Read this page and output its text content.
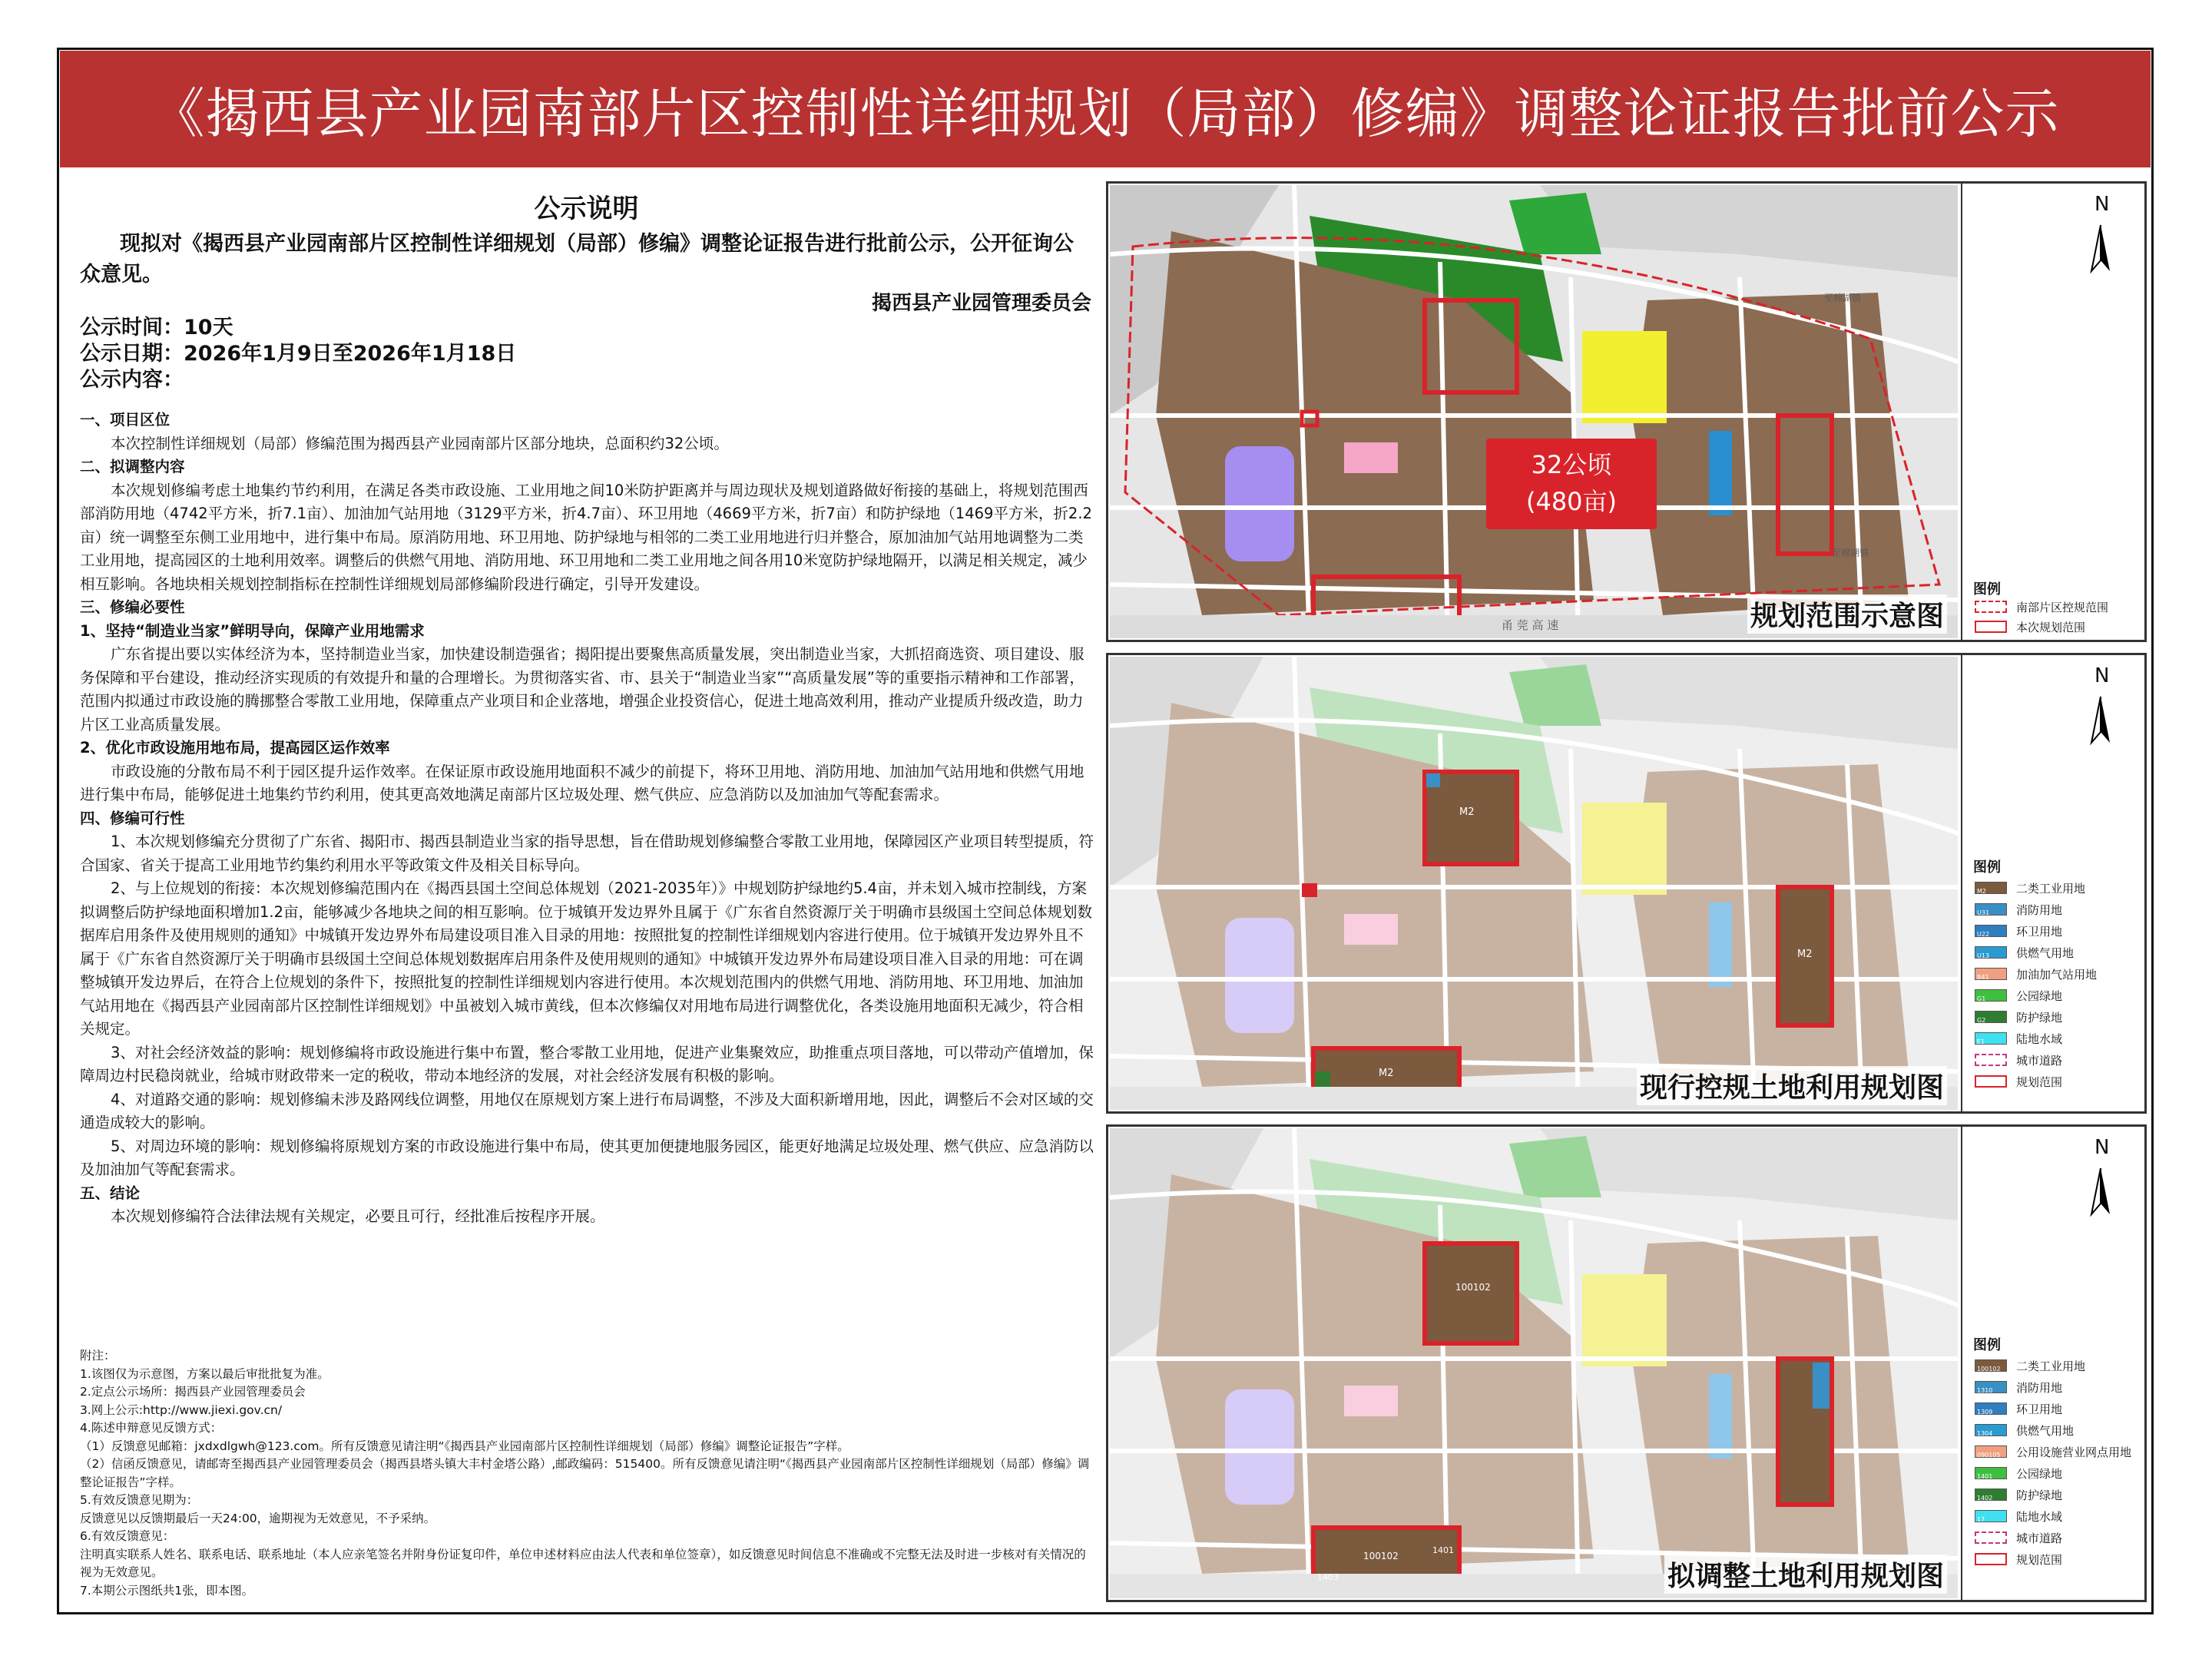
《揭西县产业园南部片区控制性详细规划（局部）修编》调整论证报告批前公示
公示说明
现拟对《揭西县产业园南部片区控制性详细规划（局部）修编》调整论证报告进行批前公示，公开征询公众意见。
揭西县产业园管理委员会
公示时间：10天
公示日期：2026年1月9日至2026年1月18日
公示内容：

一、项目区位

本次控制性详细规划（局部）修编范围为揭西县产业园南部片区部分地块，总面积约32公顷。

二、拟调整内容

本次规划修编考虑土地集约节约利用，在满足各类市政设施、工业用地之间10米防护距离并与周边现状及规划道路做好衔接的基础上，将规划范围西部消防用地（4742平方米，折7.1亩）、加油加气站用地（3129平方米，折4.7亩）、环卫用地（4669平方米，折7亩）和防护绿地（1469平方米，折2.2亩）统一调整至东侧工业用地中，进行集中布局。原消防用地、环卫用地、防护绿地与相邻的二类工业用地进行归并整合，原加油加气站用地调整为二类工业用地，提高园区的土地利用效率。调整后的供燃气用地、消防用地、环卫用地和二类工业用地之间各用10米宽防护绿地隔开，以满足相关规定，减少相互影响。各地块相关规划控制指标在控制性详细规划局部修编阶段进行确定，引导开发建设。

三、修编必要性

1、坚持“制造业当家”鲜明导向，保障产业用地需求

广东省提出要以实体经济为本，坚持制造业当家，加快建设制造强省；揭阳提出要聚焦高质量发展，突出制造业当家，大抓招商选资、项目建设、服务保障和平台建设，推动经济实现质的有效提升和量的合理增长。为贯彻落实省、市、县关于“制造业当家”“高质量发展”等的重要指示精神和工作部署，范围内拟通过市政设施的腾挪整合零散工业用地，保障重点产业项目和企业落地，增强企业投资信心，促进土地高效利用，推动产业提质升级改造，助力片区工业高质量发展。

2、优化市政设施用地布局，提高园区运作效率

市政设施的分散布局不利于园区提升运作效率。在保证原市政设施用地面积不减少的前提下，将环卫用地、消防用地、加油加气站用地和供燃气用地进行集中布局，能够促进土地集约节约利用，使其更高效地满足南部片区垃圾处理、燃气供应、应急消防以及加油加气等配套需求。

四、修编可行性

1、本次规划修编充分贯彻了广东省、揭阳市、揭西县制造业当家的指导思想，旨在借助规划修编整合零散工业用地，保障园区产业项目转型提质，符合国家、省关于提高工业用地节约集约利用水平等政策文件及相关目标导向。

2、与上位规划的衔接：本次规划修编范围内在《揭西县国土空间总体规划（2021-2035年）》中规划防护绿地约5.4亩，并未划入城市控制线，方案拟调整后防护绿地面积增加1.2亩，能够减少各地块之间的相互影响。位于城镇开发边界外且属于《广东省自然资源厅关于明确市县级国土空间总体规划数据库启用条件及使用规则的通知》中城镇开发边界外布局建设项目准入目录的用地：按照批复的控制性详细规划内容进行使用。位于城镇开发边界外且不属于《广东省自然资源厅关于明确市县级国土空间总体规划数据库启用条件及使用规则的通知》中城镇开发边界外布局建设项目准入目录的用地：可在调整城镇开发边界后，在符合上位规划的条件下，按照批复的控制性详细规划内容进行使用。本次规划范围内的供燃气用地、消防用地、环卫用地、加油加气站用地在《揭西县产业园南部片区控制性详细规划》中虽被划入城市黄线，但本次修编仅对用地布局进行调整优化，各类设施用地面积无减少，符合相关规定。

3、对社会经济效益的影响：规划修编将市政设施进行集中布置，整合零散工业用地，促进产业集聚效应，助推重点项目落地，可以带动产值增加，保障周边村民稳岗就业，给城市财政带来一定的税收，带动本地经济的发展，对社会经济发展有积极的影响。

4、对道路交通的影响：规划修编未涉及路网线位调整，用地仅在原规划方案上进行布局调整，不涉及大面积新增用地，因此，调整后不会对区域的交通造成较大的影响。

5、对周边环境的影响：规划修编将原规划方案的市政设施进行集中布局，使其更加便捷地服务园区，能更好地满足垃圾处理、燃气供应、应急消防以及加油加气等配套需求。

五、结论

本次规划修编符合法律法规有关规定，必要且可行，经批准后按程序开展。

附注：

1.该图仅为示意图，方案以最后审批批复为准。

2.定点公示场所：揭西县产业园管理委员会

3.网上公示:http://www.jiexi.gov.cn/

4.陈述申辩意见反馈方式：

（1）反馈意见邮箱：jxdxdlgwh@123.com。所有反馈意见请注明“《揭西县产业园南部片区控制性详细规划（局部）修编》调整论证报告”字样。

（2）信函反馈意见，请邮寄至揭西县产业园管理委员会（揭西县塔头镇大丰村金塔公路）,邮政编码：515400。所有反馈意见请注明“《揭西县产业园南部片区控制性详细规划（局部）修编》调整论证报告”字样。

5.有效反馈意见期为：

反馈意见以反馈期最后一天24:00，逾期视为无效意见，不予采纳。

6.有效反馈意见：

注明真实联系人姓名、联系电话、联系地址（本人应亲笔签名并附身份证复印件，单位申述材料应由法人代表和单位签章），如反馈意见时间信息不准确或不完整无法及时进一步核对有关情况的视为无效意见。

7.本期公示图纸共1张，即本图。

32公顷
(480亩)
甬 莞 高 速
至棉湖镇
至棉湖镇
规划范围示意图
N
图例
南部片区控规范围
本次规划范围
M2
M2
M2
现行控规土地利用规划图
N
图例
M2	二类工业用地
U31	消防用地
U22	环卫用地
U13	供燃气用地
B41	加油加气站用地
G1	公园绿地
G2	防护绿地
E1	陆地水域
城市道路
规划范围
100102
100102
1401
1403	拟调整土地利用规划图
N
图例
100102	二类工业用地
1310	消防用地
1309	环卫用地
1304	供燃气用地
090105	公用设施营业网点用地
1401	公园绿地
1402	防护绿地
17	陆地水域
城市道路
规划范围
